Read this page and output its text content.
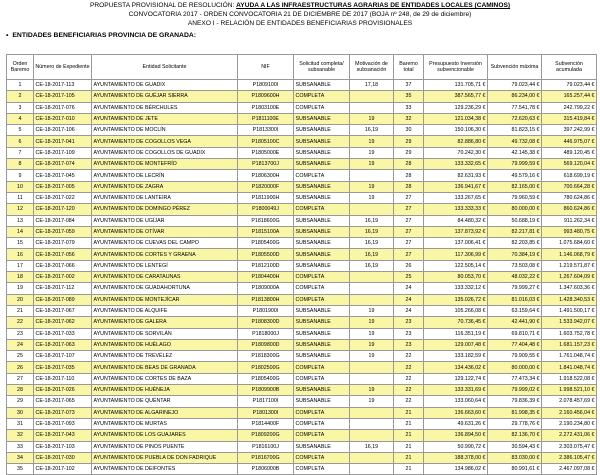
PROPUESTA PROVISIONAL DE RESOLUCIÓN: AYUDA A LAS INFRAESTRUCTURAS AGRARIAS DE ENTIDADES LOCALES (CAMINOS)
CONVOCATORIA 2017 - ORDEN CONVOCATORIA 21 DE DICIEMBRE DE 2017 (BOJA nº 248, de 29 de diciembre)
ANEXO I - RELACIÓN DE ENTIDADES BENEFICIARIAS PROVISIONALES
• ENTIDADES BENEFICIARIAS PROVINCIA DE GRANADA:
Orden Baremo	Número de Expediente	Entidad Solicitante	NIF	Solicitud completa/ subsanable	Motivación de subsanación	Baremo total	Presupuesto Inversión subvencionable	Subvención máxima	Subvención acumulada
1	CE-18-2017-113	AYUNTAMIENTO DE GUADIX	P1809100I	SUBSANABLE	17,18	37	131.705,71 €	79.023,44 €	79.023,44 €
2	CE-18-2017-105	AYUNTAMIENTO DE GUÉJAR SIERRA	P1809600H	COMPLETA		35	387.565,77 €	86.234,00 €	165.257,44 €
3	CE-18-2017-076	AYUNTAMIENTO DE BÉRCHULES	P1803100E	COMPLETA		33	129.236,29 €	77.541,78 €	242.799,22 €
4	CE-18-2017-010	AYUNTAMIENTO DE JETE	P1811100E	SUBSANABLE	19	32	121.034,38 €	72.620,63 €	315.419,84 €
5	CE-18-2017-106	AYUNTAMIENTO DE MOCLÍN	P1813300I	SUBSANABLE	16,19	30	150.106,30 €	81.823,15 €	397.242,99 €
6	CE-18-2017-041	AYUNTAMIENTO DE COGOLLOS VEGA	P1805100C	SUBSANABLE	19	29	82.886,80 €	49.732,08 €	446.975,07 €
7	CE-18-2017-109	AYUNTAMIENTO DE COGOLLOS DE GUADIX	P1805000E	SUBSANABLE	19	29	70.242,30 €	42.145,38 €	489.120,45 €
8	CE-18-2017-074	AYUNTAMIENTO DE MONTEFRÍO	P1813700J	SUBSANABLE	19	28	133.332,65 €	79.999,59 €	569.120,04 €
9	CE-18-2017-045	AYUNTAMIENTO DE LECRÍN	P1806300H	COMPLETA		28	82.631,93 €	49.579,16 €	618.699,19 €
10	CE-18-2017-005	AYUNTAMIENTO DE ZAGRA	P1820000F	SUBSANABLE	19	28	136.941,67 €	82.165,00 €	700.664,28 €
11	CE-18-2017-022	AYUNTAMIENTO DE LANTEIRA	P1811900H	SUBSANABLE	19	27	133.267,65 €	79.960,59 €	780.624,86 €
12	CE-18-2017-120	AYUNTAMIENTO DE DOMINGO PÉREZ	P1800049J	COMPLETA		27	133.333,33 €	80.000,00 €	860.624,86 €
13	CE-18-2017-084	AYUNTAMIENTO DE UGÍJAR	P1818600G	SUBSANABLE	16,19	27	84.480,32 €	50.688,19 €	911.262,34 €
14	CE-18-2017-059	AYUNTAMIENTO DE OTÍVAR	P1815100A	SUBSANABLE	16,19	27	137.873,92 €	82.217,81 €	993.480,75 €
15	CE-18-2017-079	AYUNTAMIENTO DE CUEVAS DEL CAMPO	P1805400G	SUBSANABLE	16,19	27	137.006,41 €	82.203,85 €	1.075.684,60 €
16	CE-18-2017-056	AYUNTAMIENTO DE CORTES Y GRAENA	P1805500D	SUBSANABLE	16,19	27	117.306,99 €	70.384,19 €	1.146.068,79 €
17	CE-18-2017-066	AYUNTAMIENTO DE LENTEGÍ	P1812100D	SUBSANABLE	16,19	26	122.505,14 €	73.503,08 €	1.219.571,87 €
18	CE-18-2017-002	AYUNTAMIENTO DE CARATAUNAS	P1804400H	COMPLETA		25	80.053,70 €	48.032,22 €	1.267.604,09 €
19	CE-18-2017-112	AYUNTAMIENTO DE GUADAHORTUNA	P1809000A	COMPLETA		24	133.332,12 €	79.999,27 €	1.347.603,36 €
20	CE-18-2017-089	AYUNTAMIENTO DE MONTEJÍCAR	P1813800H	COMPLETA		24	135.026,72 €	81.016,03 €	1.428.340,53 €
21	CE-18-2017-067	AYUNTAMIENTO DE ALQUIFE	P1801900I	SUBSANABLE	19	24	105.266,08 €	63.159,64 €	1.491.500,17 €
22	CE-18-2017-062	AYUNTAMIENTO DE GALERA	P1808300D	SUBSANABLE	19	23	70.736,45 €	42.441,90 €	1.533.942,07 €
23	CE-18-2017-033	AYUNTAMIENTO DE SORVILÁN	P1818000J	SUBSANABLE	19	23	116.351,19 €	69.810,71 €	1.603.752,78 €
24	CE-18-2017-063	AYUNTAMIENTO DE HUÉLAGO	P1809800D	SUBSANABLE	19	23	129.007,48 €	77.404,48 €	1.681.157,23 €
25	CE-18-2017-107	AYUNTAMIENTO DE TREVÉLEZ	P1818300G	SUBSANABLE	19	22	133.182,59 €	79.909,55 €	1.761.048,74 €
26	CE-18-2017-035	AYUNTAMIENTO DE BEAS DE GRANADA	P1802500G	COMPLETA		22	134.436,02 €	80.000,00 €	1.841.048,74 €
27	CE-18-2017-110	AYUNTAMIENTO DE CORTES DE BAZA	P1805400G	COMPLETA		22	129.122,74 €	77.473,34 €	1.918.522,08 €
28	CE-18-2017-026	AYUNTAMIENTO DE HUÉNEJA	P1809900B	SUBSANABLE	19	22	133.331,69 €	79.999,02 €	1.998.521,10 €
29	CE-18-2017-065	AYUNTAMIENTO DE QUÉNTAR	P1817100I	SUBSANABLE	19	22	133.060,64 €	79.836,39 €	2.078.457,69 €
30	CE-18-2017-073	AYUNTAMIENTO DE ALGARINEJO	P1801300I	COMPLETA		21	136.663,60 €	81.998,35 €	2.160.456,04 €
31	CE-18-2017-093	AYUNTAMIENTO DE MURTAS	P1814400F	COMPLETA		21	49.631,26 €	29.778,76 €	2.190.234,80 €
32	CE-18-2017-043	AYUNTAMIENTO DE LOS GUAJARES	P1809200G	COMPLETA		21	136.894,50 €	82.136,70 €	2.272.431,06 €
33	CE-18-2017-103	AYUNTAMIENTO DE PINOS PUENTE	P1816100J	SUBSANABLE	16,19	21	50.990,72 €	30.594,43 €	2.303.075,47 €
34	CE-18-2017-030	AYUNTAMIENTO DE PUEBLA DE DON FADRIQUE	P1816700G	COMPLETA		21	188.378,00 €	83.030,00 €	2.386.105,47 €
35	CE-18-2017-102	AYUNTAMIENTO DE DEIFONTES	P1806000B	COMPLETA		21	134.986,02 €	80.991,61 €	2.467.097,08 €
